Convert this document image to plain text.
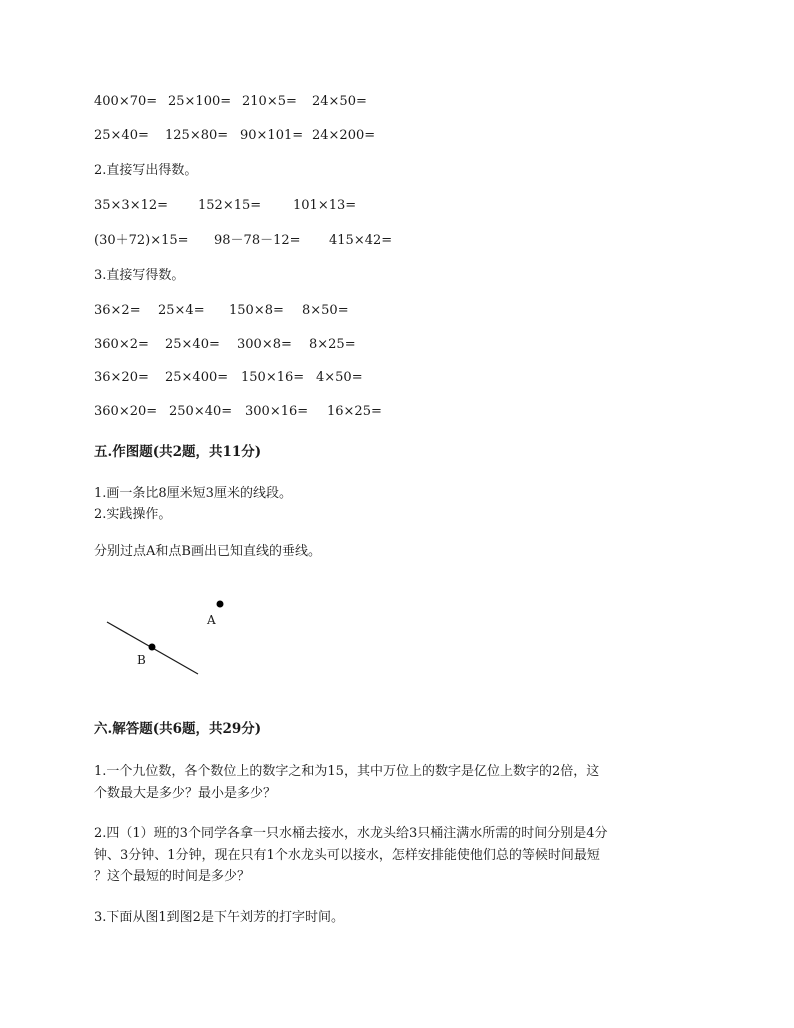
400×70= 25×100= 210×5= 24×50=
25×40= 125×80= 90×101= 24×200=
2.直接写出得数。
35×3×12= 152×15= 101×13=
(30＋72)×15= 98－78－12= 415×42=
3.直接写得数。
36×2= 25×4= 150×8= 8×50=
360×2= 25×40= 300×8= 8×25=
36×20= 25×400= 150×16= 4×50=
360×20= 250×40= 300×16= 16×25=
五.作图题(共2题，共11分)
1.画一条比8厘米短3厘米的线段。
2.实践操作。
分别过点A和点B画出已知直线的垂线。
A
B
六.解答题(共6题，共29分)
1.一个九位数，各个数位上的数字之和为15，其中万位上的数字是亿位上数字的2倍，这
个数最大是多少？最小是多少？
2.四（1）班的3个同学各拿一只水桶去接水，水龙头给3只桶注满水所需的时间分别是4分
钟、3分钟、1分钟，现在只有1个水龙头可以接水，怎样安排能使他们总的等候时间最短
？这个最短的时间是多少？
3.下面从图1到图2是下午刘芳的打字时间。
